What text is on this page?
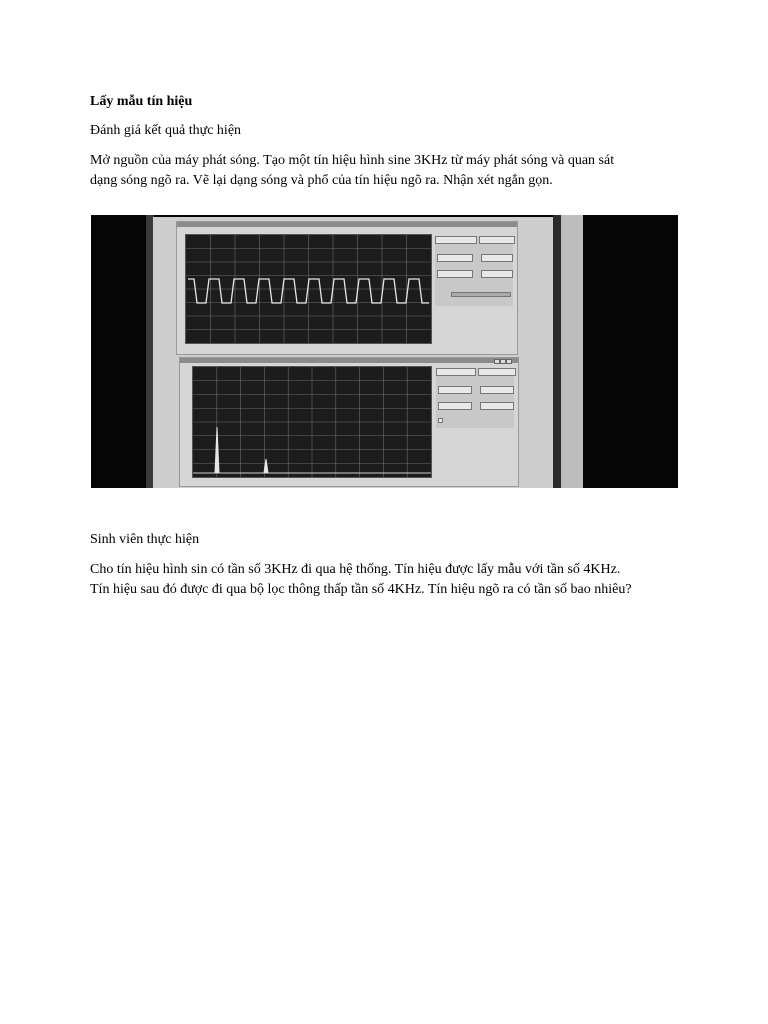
Lấy mẫu tín hiệu
Đánh giá kết quả thực hiện
Mở nguồn của máy phát sóng. Tạo một tín hiệu hình sine 3KHz từ máy phát sóng và quan sát
dạng sóng ngõ ra. Vẽ lại dạng sóng và phổ của tín hiệu ngõ ra. Nhận xét ngắn gọn.
Sinh viên thực hiện
Cho tín hiệu hình sin có tần số 3KHz đi qua hệ thống. Tín hiệu được lấy mẫu với tần số 4KHz.
Tín hiệu sau đó được đi qua bộ lọc thông thấp tần số 4KHz. Tín hiệu ngõ ra có tần số bao nhiêu?
